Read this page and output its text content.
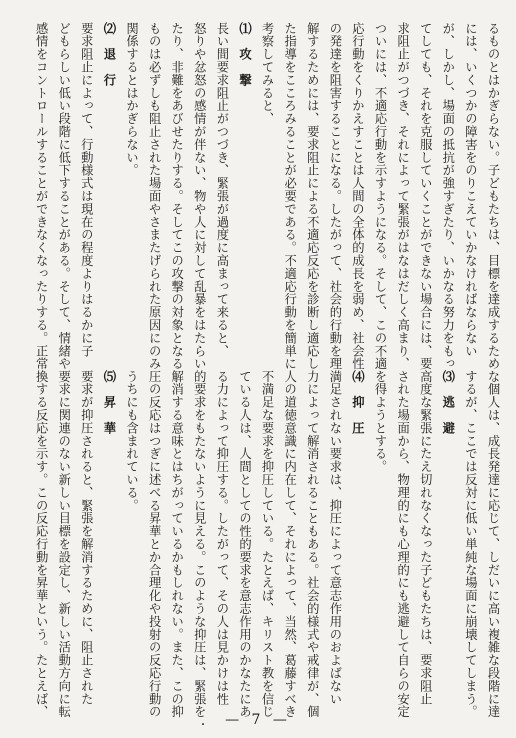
るものとはかぎらない。子どもたちは、目標を達成するため
には、いくつかの障害をのりこえていかなければならない
が、しかし、場面の抵抗が強すぎたり、いかなる努力をもっ
てしても、それを克服していくことができない場合には、要
求阻止がつづき、それによって緊張がはなはだしく高まり、
ついには、不適応行動を示すようになる。そして、この不適
応行動をくりかえすことは人間の全体的成長を弱め、社会性
の発達を阻害することになる。したがって、社会的行動を理
解するためには、要求阻止による不適応反応を診断し適応し
た指導をこころみることが必要である。不適応行動を簡単に
考察してみると、
⑴　攻　撃
長い間要求阻止がつづき、緊張が過度に高まって来ると、
怒りや忿怒の感情が伴ない、物や人に対して乱暴をはたらい
たり、非難をあびせたりする。そしてこの攻撃の対象となる
ものは必ずしも阻止された場面やさまたげられた原因にのみ
関係するとはかぎらない。
⑵　退　行
要求阻止によって、行動様式は現在の程度よりはるかに子
どもらしい低い段階に低下することがある。そして、情緒や
感情をコントロールすることができなくなったりする。正常
な個人は、成長発達に応じて、しだいに高い複雑な段階に達
するが、ここでは反対に低い単純な場面に崩壊してしまう。
⑶　逃　避
高度な緊張にたえ切れなくなった子どもたちは、要求阻止
された場面から、物理的にも心理的にも逃避して自らの安定
を得ようとする。
⑷　抑　圧
満足されない要求は、抑圧によって意志作用のおよばない
力によって解消されることもある。社会的様式や戒律が、個
人の道徳意識に内在して、それによって、当然、葛藤すべき
不満足な要求を抑圧している。たとえば、キリスト教を信じ
ている人は、人間としての性的要求を意志作用のかなたにあ
る力によって抑圧する。したがって、その人は見かけは性
的要求をもたないように見える。このような抑圧は、緊張を
解消する意味とはちがっているかもしれない。また、この抑
圧の反応はつぎに述べる昇華とか合理化や投射の反応行動の
うちにも含まれている。
⑸　昇　華
要求が抑圧されると、緊張を解消するために、阻止された
要求に関連のない新しい目標を設定し、新しい活動方向に転
換する反応を示す。この反応行動を昇華という。たとえば、
・	— 7 —
